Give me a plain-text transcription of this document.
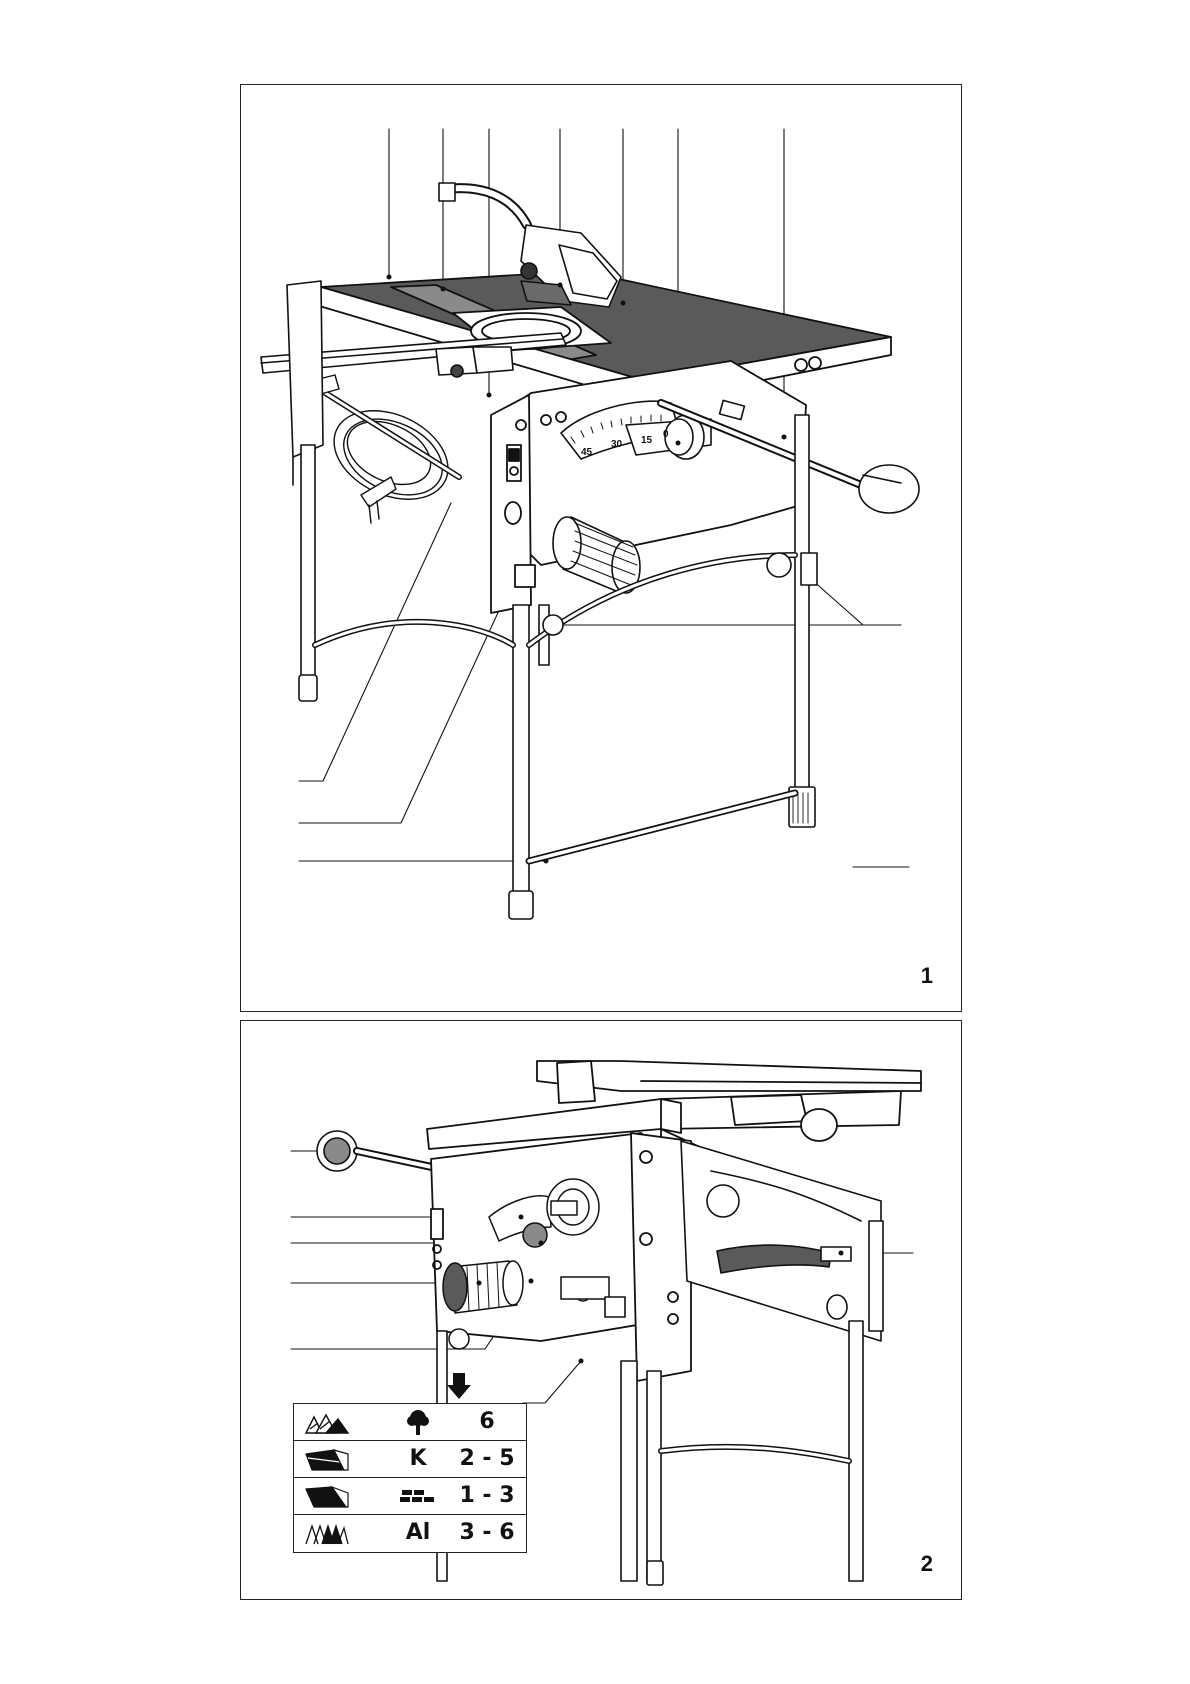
45
30 15
0
1
6
K	2 - 5
1 - 3
Al	3 - 6
2
